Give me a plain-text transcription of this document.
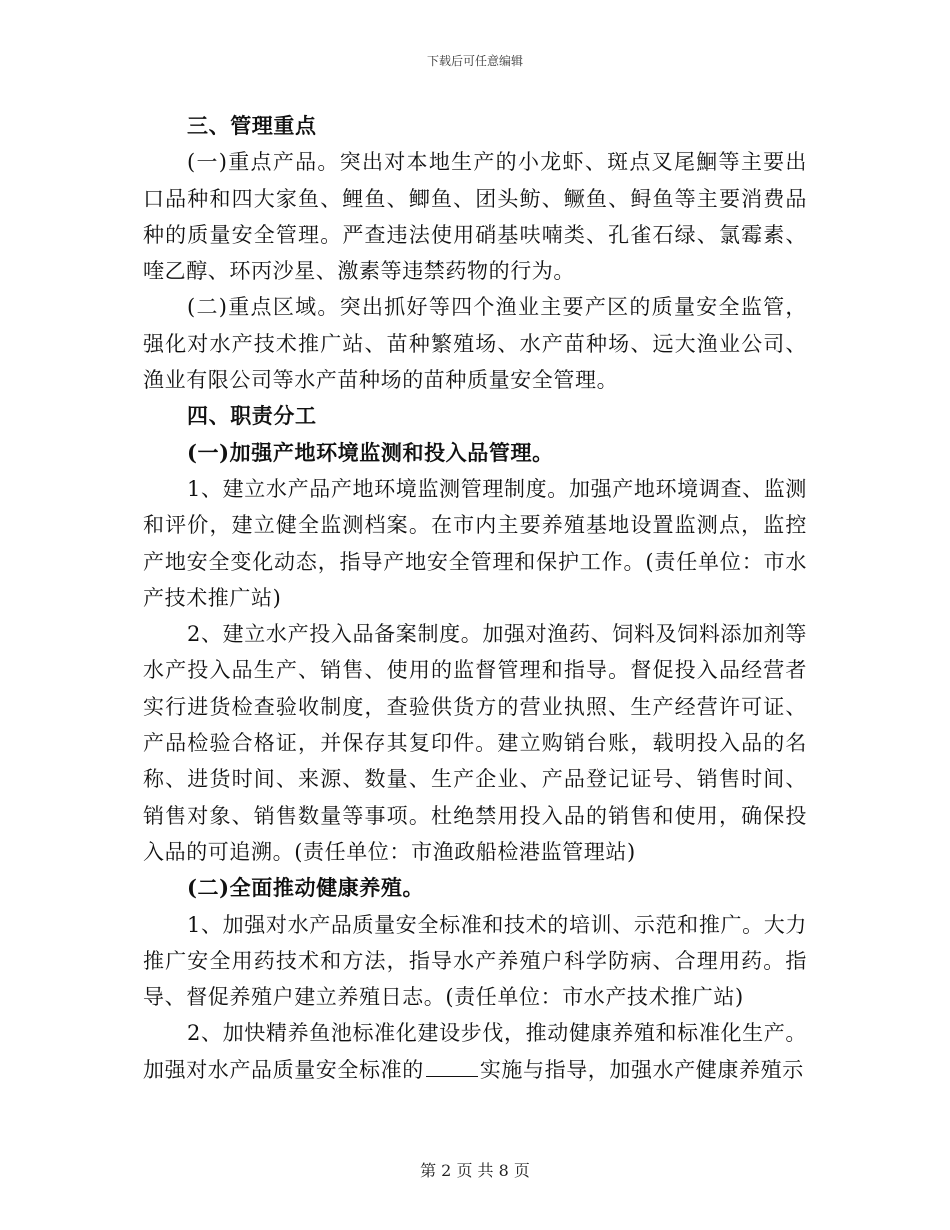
下载后可任意编辑

三、管理重点

(一)重点产品。突出对本地生产的小龙虾、斑点叉尾鮰等主要出口品种和四大家鱼、鲤鱼、鲫鱼、团头鲂、鳜鱼、鲟鱼等主要消费品种的质量安全管理。严查违法使用硝基呋喃类、孔雀石绿、氯霉素、喹乙醇、环丙沙星、激素等违禁药物的行为。

(二)重点区域。突出抓好等四个渔业主要产区的质量安全监管，强化对水产技术推广站、苗种繁殖场、水产苗种场、远大渔业公司、渔业有限公司等水产苗种场的苗种质量安全管理。

四、职责分工

(一)加强产地环境监测和投入品管理。

1、建立水产品产地环境监测管理制度。加强产地环境调查、监测和评价，建立健全监测档案。在市内主要养殖基地设置监测点，监控产地安全变化动态，指导产地安全管理和保护工作。(责任单位：市水产技术推广站)

2、建立水产投入品备案制度。加强对渔药、饲料及饲料添加剂等水产投入品生产、销售、使用的监督管理和指导。督促投入品经营者实行进货检查验收制度，查验供货方的营业执照、生产经营许可证、产品检验合格证，并保存其复印件。建立购销台账，载明投入品的名称、进货时间、来源、数量、生产企业、产品登记证号、销售时间、销售对象、销售数量等事项。杜绝禁用投入品的销售和使用，确保投入品的可追溯。(责任单位：市渔政船检港监管理站)

(二)全面推动健康养殖。

1、加强对水产品质量安全标准和技术的培训、示范和推广。大力推广安全用药技术和方法，指导水产养殖户科学防病、合理用药。指导、督促养殖户建立养殖日志。(责任单位：市水产技术推广站)

2、加快精养鱼池标准化建设步伐，推动健康养殖和标准化生产。加强对水产品质量安全标准的	实施与指导，加强水产健康养殖示

第 2 页 共 8 页
